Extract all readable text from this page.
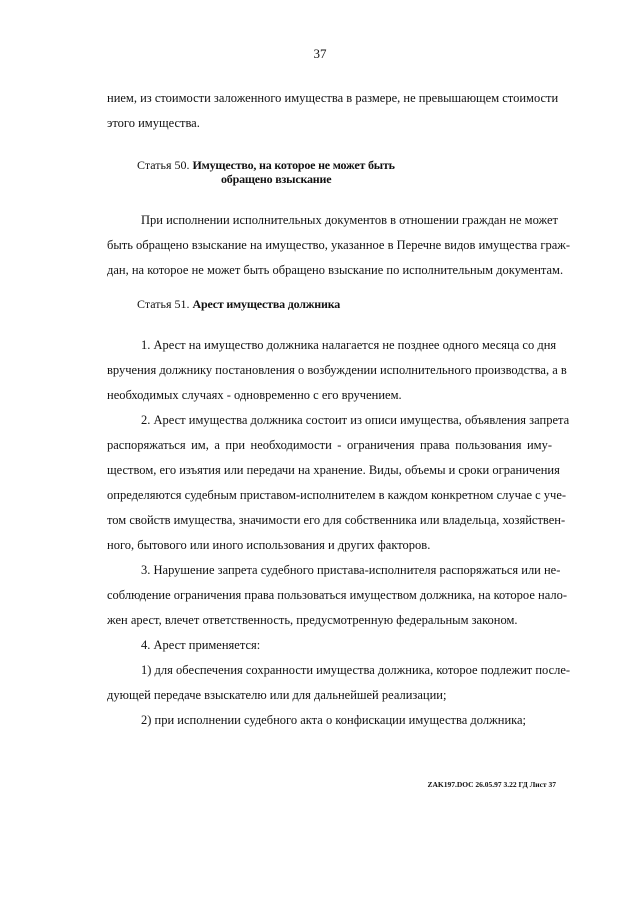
37
нием, из стоимости заложенного имущества в размере, не превышающем стоимости
этого имущества.
Статья 50. Имущество, на которое не может быть
обращено взыскание
При исполнении исполнительных документов в отношении граждан не может
быть обращено взыскание на имущество, указанное в Перечне видов имущества граж-
дан, на которое не может быть обращено взыскание по исполнительным документам.
Статья 51. Арест имущества должника
1. Арест на имущество должника налагается не позднее одного месяца со дня
вручения должнику постановления о возбуждении исполнительного производства, а в
необходимых случаях - одновременно с его вручением.
2. Арест имущества должника состоит из описи имущества, объявления запрета
распоряжаться им, а при необходимости - ограничения права пользования иму-
ществом, его изъятия или передачи на хранение. Виды, объемы и сроки ограничения
определяются судебным приставом-исполнителем в каждом конкретном случае с уче-
том свойств имущества, значимости его для собственника или владельца, хозяйствен-
ного, бытового или иного использования и других факторов.
3. Нарушение запрета судебного пристава-исполнителя распоряжаться или не-
соблюдение ограничения права пользоваться имуществом должника, на которое нало-
жен арест, влечет ответственность, предусмотренную федеральным законом.
4. Арест применяется:
1) для обеспечения сохранности имущества должника, которое подлежит после-
дующей передаче взыскателю или для дальнейшей реализации;
2) при исполнении судебного акта о конфискации имущества должника;
ZAK197.DOC 26.05.97 3.22 ГД Лист 37
